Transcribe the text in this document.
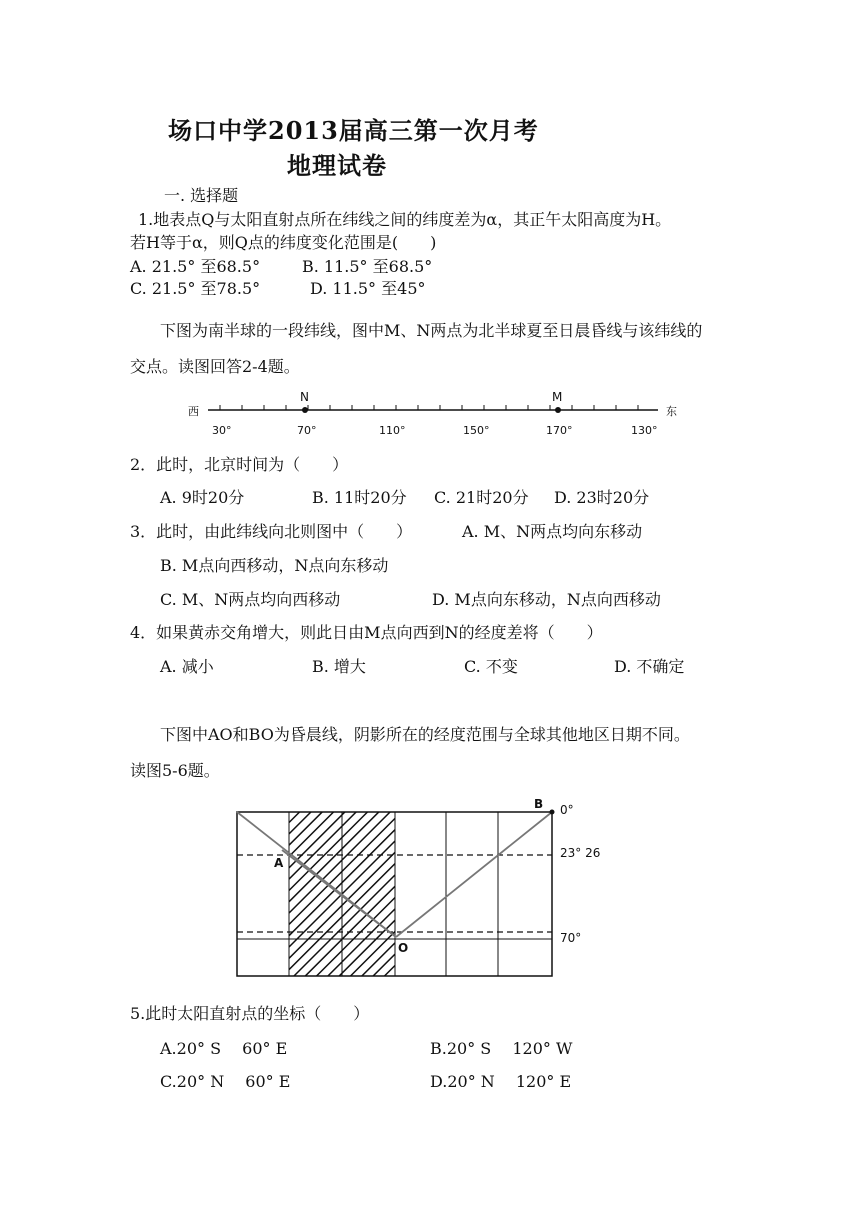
场口中学2013届高三第一次月考
地理试卷
一. 选择题
1.地表点Q与太阳直射点所在纬线之间的纬度差为α，其正午太阳高度为H。
若H等于α，则Q点的纬度变化范围是(　　)
A. 21.5° 至68.5°	B. 11.5° 至68.5°
C. 21.5° 至78.5°	D. 11.5° 至45°
下图为南半球的一段纬线，图中M、N两点为北半球夏至日晨昏线与该纬线的
交点。读图回答2-4题。
西	东
N	M
30°	70°	110°	150°	170°	130°
2．此时，北京时间为（　　）
A. 9时20分	B. 11时20分 C. 21时20分 D. 23时20分
3．此时，由此纬线向北则图中（　　）	A. M、N两点均向东移动
B. M点向西移动，N点向东移动
C. M、N两点均向西移动	D. M点向东移动，N点向西移动
4．如果黄赤交角增大，则此日由M点向西到N的经度差将（　　）
A. 减小	B. 增大	C. 不变	D. 不确定
下图中AO和BO为昏晨线，阴影所在的经度范围与全球其他地区日期不同。
读图5-6题。
A
B
O
0°
23° 26
70°
5.此时太阳直射点的坐标（　　）
A.20° S　 60° E	B.20° S　 120° W
C.20° N　 60° E	D.20° N　 120° E
